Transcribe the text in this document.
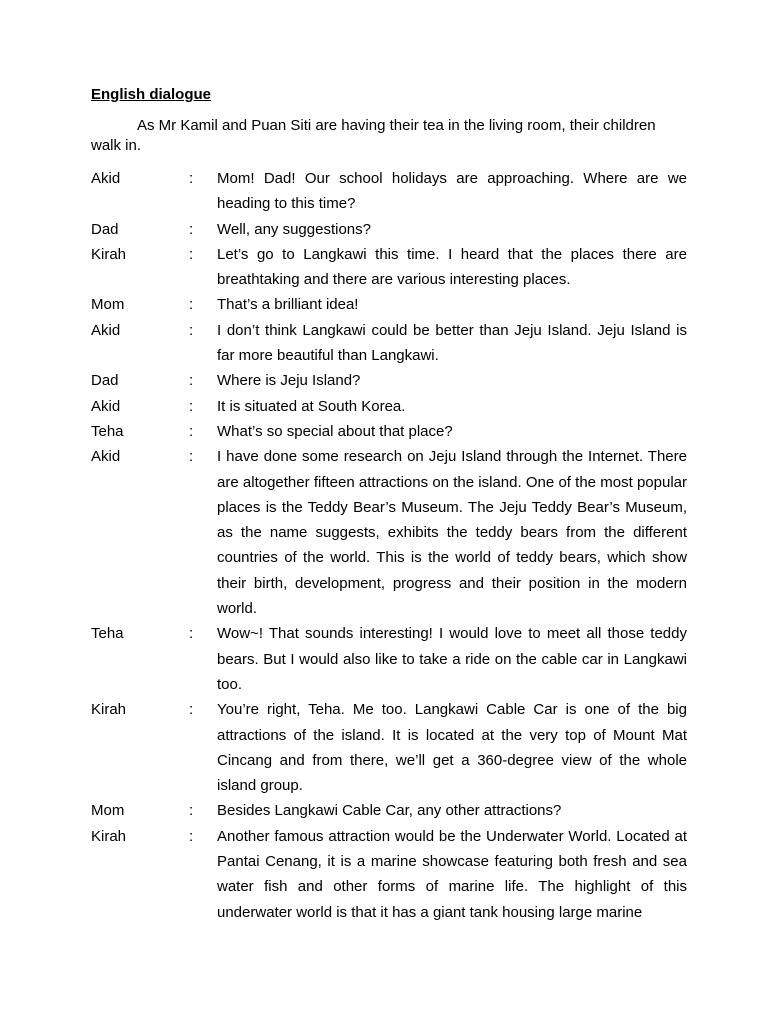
English dialogue
As Mr Kamil and Puan Siti are having their tea in the living room, their children walk in.
Akid	:	Mom! Dad! Our school holidays are approaching. Where are we heading to this time?
Dad	:	Well, any suggestions?
Kirah	:	Let’s go to Langkawi this time. I heard that the places there are breathtaking and there are various interesting places.
Mom	:	That’s a brilliant idea!
Akid	:	I don’t think Langkawi could be better than Jeju Island. Jeju Island is far more beautiful than Langkawi.
Dad	:	Where is Jeju Island?
Akid	:	It is situated at South Korea.
Teha	:	What’s so special about that place?
Akid	:	I have done some research on Jeju Island through the Internet. There are altogether fifteen attractions on the island. One of the most popular places is the Teddy Bear’s Museum. The Jeju Teddy Bear’s Museum, as the name suggests, exhibits the teddy bears from the different countries of the world. This is the world of teddy bears, which show their birth, development, progress and their position in the modern world.
Teha	:	Wow~! That sounds interesting! I would love to meet all those teddy bears. But I would also like to take a ride on the cable car in Langkawi too.
Kirah	:	You’re right, Teha. Me too. Langkawi Cable Car is one of the big attractions of the island. It is located at the very top of Mount Mat Cincang and from there, we’ll get a 360-degree view of the whole island group.
Mom	:	Besides Langkawi Cable Car, any other attractions?
Kirah	:	Another famous attraction would be the Underwater World. Located at Pantai Cenang, it is a marine showcase featuring both fresh and sea water fish and other forms of marine life. The highlight of this underwater world is that it has a giant tank housing large marine
